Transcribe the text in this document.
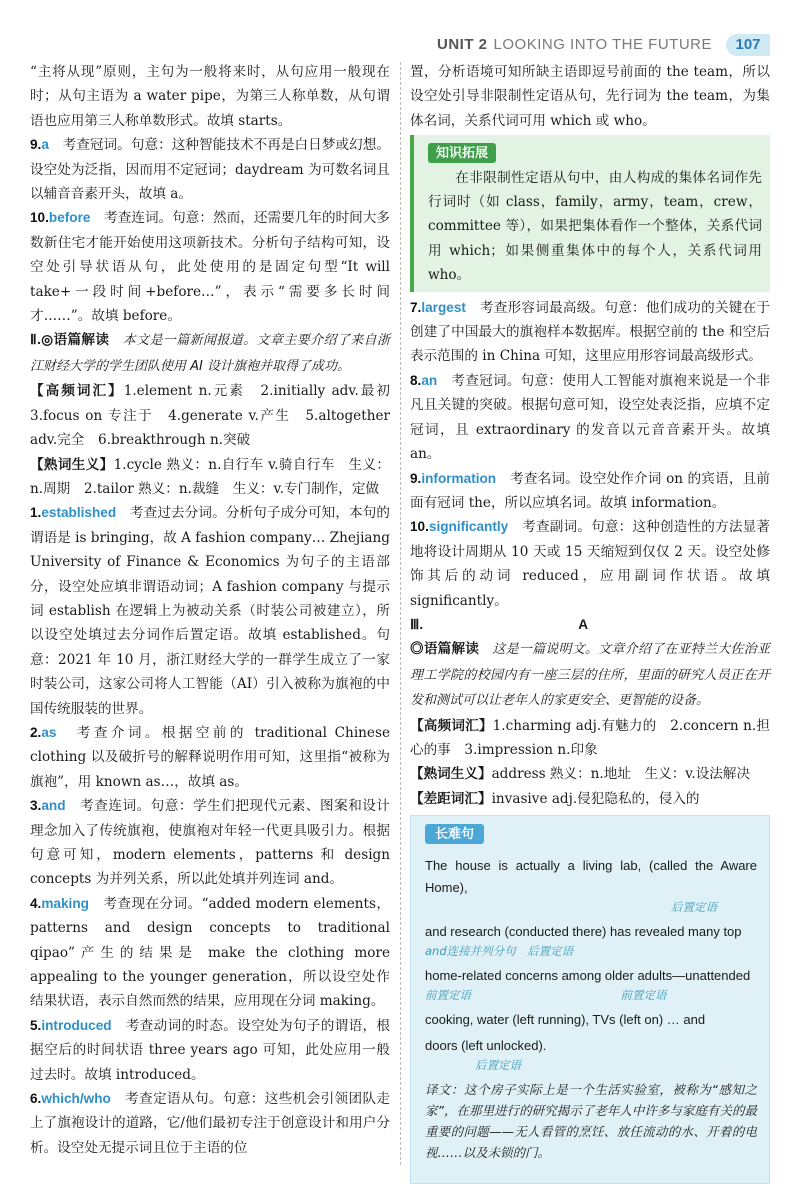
UNIT 2 LOOKING INTO THE FUTURE	107

“主将从现”原则，主句为一般将来时，从句应用一般现在时；从句主语为 a water pipe，为第三人称单数，从句谓语也应用第三人称单数形式。故填 starts。

9.a　考查冠词。句意：这种智能技术不再是白日梦或幻想。设空处为泛指，因而用不定冠词；daydream 为可数名词且以辅音音素开头，故填 a。

10.before　考查连词。句意：然而，还需要几年的时间大多数新住宅才能开始使用这项新技术。分析句子结构可知，设空处引导状语从句，此处使用的是固定句型“It will take+一段时间+before…”，表示“需要多长时间才……”。故填 before。

Ⅱ.◎语篇解读　本文是一篇新闻报道。文章主要介绍了来自浙江财经大学的学生团队使用 AI 设计旗袍并取得了成功。

【高频词汇】1.element n.元素　2.initially adv.最初　3.focus on 专注于　4.generate v.产生　5.altogether adv.完全　6.breakthrough n.突破

【熟词生义】1.cycle 熟义：n.自行车 v.骑自行车　生义：n.周期　2.tailor 熟义：n.裁缝　生义：v.专门制作，定做

1.established　考查过去分词。分析句子成分可知，本句的谓语是 is bringing，故 A fashion company… Zhejiang University of Finance & Economics 为句子的主语部分，设空处应填非谓语动词；A fashion company 与提示词 establish 在逻辑上为被动关系（时装公司被建立），所以设空处填过去分词作后置定语。故填 established。句意：2021 年 10 月，浙江财经大学的一群学生成立了一家时装公司，这家公司将人工智能（AI）引入被称为旗袍的中国传统服装的世界。

2.as　考查介词。根据空前的 traditional Chinese clothing 以及破折号的解释说明作用可知，这里指“被称为旗袍”，用 known as…，故填 as。

3.and　考查连词。句意：学生们把现代元素、图案和设计理念加入了传统旗袍，使旗袍对年轻一代更具吸引力。根据句意可知，modern elements，patterns 和 design concepts 为并列关系，所以此处填并列连词 and。

4.making　考查现在分词。“added modern elements，patterns and design concepts to traditional qipao”产生的结果是 make the clothing more appealing to the younger generation，所以设空处作结果状语，表示自然而然的结果，应用现在分词 making。

5.introduced　考查动词的时态。设空处为句子的谓语，根据空后的时间状语 three years ago 可知，此处应用一般过去时。故填 introduced。

6.which/who　考查定语从句。句意：这些机会引领团队走上了旗袍设计的道路，它/他们最初专注于创意设计和用户分析。设空处无提示词且位于主语的位

置，分析语境可知所缺主语即逗号前面的 the team，所以设空处引导非限制性定语从句，先行词为 the team，为集体名词，关系代词可用 which 或 who。

知识拓展

在非限制性定语从句中，由人构成的集体名词作先行词时（如 class，family，army，team，crew，committee 等），如果把集体看作一个整体，关系代词用 which；如果侧重集体中的每个人，关系代词用 who。

7.largest　考查形容词最高级。句意：他们成功的关键在于创建了中国最大的旗袍样本数据库。根据空前的 the 和空后表示范围的 in China 可知，这里应用形容词最高级形式。

8.an　考查冠词。句意：使用人工智能对旗袍来说是一个非凡且关键的突破。根据句意可知，设空处表泛指，应填不定冠词，且 extraordinary 的发音以元音音素开头。故填 an。

9.information　考查名词。设空处作介词 on 的宾语，且前面有冠词 the，所以应填名词。故填 information。

10.significantly　考查副词。句意：这种创造性的方法显著地将设计周期从 10 天或 15 天缩短到仅仅 2 天。设空处修饰其后的动词 reduced，应用副词作状语。故填 significantly。

Ⅲ.	A

◎语篇解读　这是一篇说明文。文章介绍了在亚特兰大佐治亚理工学院的校园内有一座三层的住所，里面的研究人员正在开发和测试可以让老年人的家更安全、更智能的设备。

【高频词汇】1.charming adj.有魅力的　2.concern n.担心的事　3.impression n.印象

【熟词生义】address 熟义：n.地址　生义：v.设法解决

【差距词汇】invasive adj.侵犯隐私的，侵入的

长难句

The house is actually a living lab, (called the Aware Home),

后置定语

and research (conducted there) has revealed many top

and连接并列分句　后置定语

home-related concerns among older adults—unattended

前置定语　　　　　　　　　　　　　前置定语

cooking, water (left running), TVs (left on) … and

doors (left unlocked).

后置定语

译文：这个房子实际上是一个生活实验室，被称为“感知之家”，在那里进行的研究揭示了老年人中许多与家庭有关的最重要的问题——无人看管的烹饪、放任流动的水、开着的电视……以及未锁的门。
